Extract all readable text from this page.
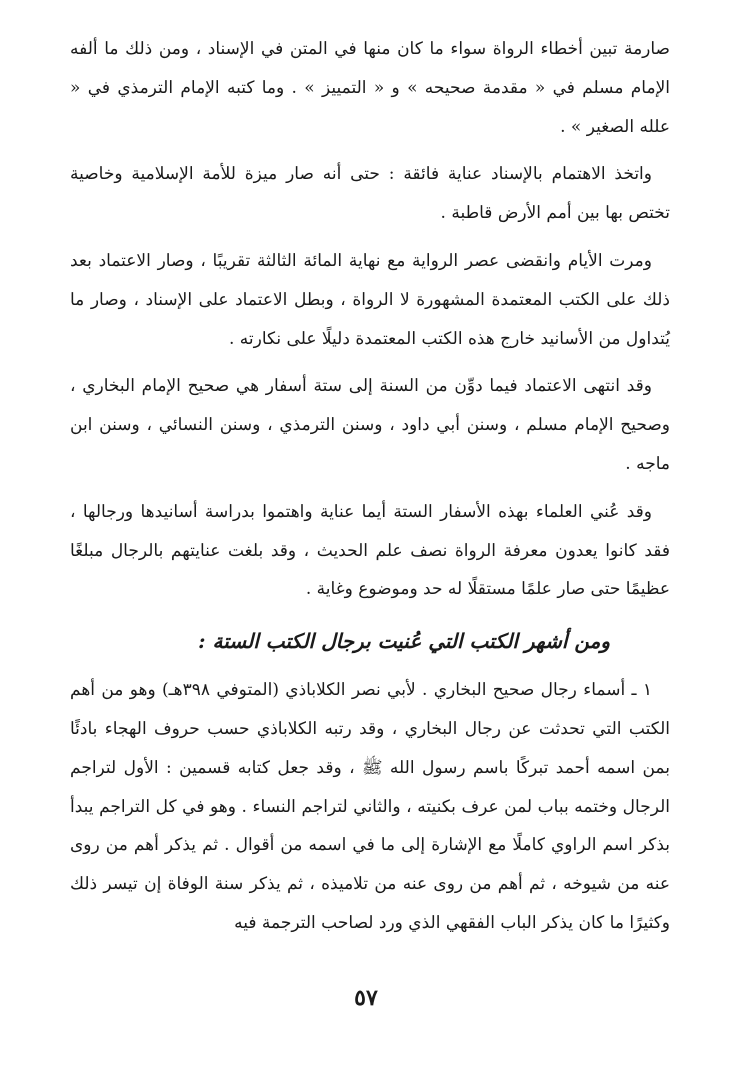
صارمة تبين أخطاء الرواة سواء ما كان منها في المتن في الإسناد ، ومن ذلك ما ألفه الإمام مسلم في « مقدمة صحيحه » و « التمييز » . وما كتبه الإمام الترمذي في « علله الصغير » .

واتخذ الاهتمام بالإسناد عناية فائقة : حتى أنه صار ميزة للأمة الإسلامية وخاصية تختص بها بين أمم الأرض قاطبة .

ومرت الأيام وانقضى عصر الرواية مع نهاية المائة الثالثة تقريبًا ، وصار الاعتماد بعد ذلك على الكتب المعتمدة المشهورة لا الرواة ، وبطل الاعتماد على الإسناد ، وصار ما يُتداول من الأسانيد خارج هذه الكتب المعتمدة دليلًا على نكارته .

وقد انتهى الاعتماد فيما دوِّن من السنة إلى ستة أسفار هي صحيح الإمام البخاري ، وصحيح الإمام مسلم ، وسنن أبي داود ، وسنن الترمذي ، وسنن النسائي ، وسنن ابن ماجه .

وقد عُني العلماء بهذه الأسفار الستة أيما عناية واهتموا بدراسة أسانيدها ورجالها ، فقد كانوا يعدون معرفة الرواة نصف علم الحديث ، وقد بلغت عنايتهم بالرجال مبلغًا عظيمًا حتى صار علمًا مستقلًا له حد وموضوع وغاية .

ومن أشهر الكتب التي عُنيت برجال الكتب الستة :

١ ـ أسماء رجال صحيح البخاري . لأبي نصر الكلاباذي (المتوفي ٣٩٨هـ) وهو من أهم الكتب التي تحدثت عن رجال البخاري ، وقد رتبه الكلاباذي حسب حروف الهجاء بادئًا بمن اسمه أحمد تبركًا باسم رسول الله ﷺ ، وقد جعل كتابه قسمين : الأول لتراجم الرجال وختمه بباب لمن عرف بكنيته ، والثاني لتراجم النساء . وهو في كل التراجم يبدأ بذكر اسم الراوي كاملًا مع الإشارة إلى ما في اسمه من أقوال . ثم يذكر أهم من روى عنه من شيوخه ، ثم أهم من روى عنه من تلاميذه ، ثم يذكر سنة الوفاة إن تيسر ذلك وكثيرًا ما كان يذكر الباب الفقهي الذي ورد لصاحب الترجمة فيه

٥٧
